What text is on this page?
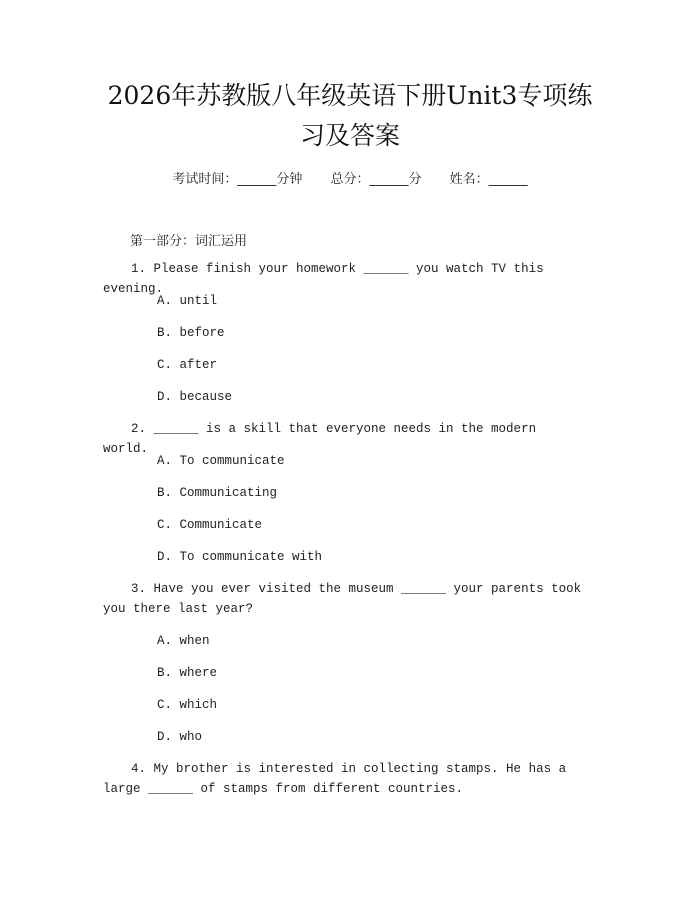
2026年苏教版八年级英语下册Unit3专项练习及答案
考试时间：______分钟 总分：______分 姓名：______
第一部分：词汇运用

1. Please finish your homework ______ you watch TV this evening.

A. until
B. before
C. after
D. because

2. ______ is a skill that everyone needs in the modern world.

A. To communicate
B. Communicating
C. Communicate
D. To communicate with

3. Have you ever visited the museum ______ your parents took you there last year?

A. when
B. where
C. which
D. who

4. My brother is interested in collecting stamps. He has a large ______ of stamps from different countries.
